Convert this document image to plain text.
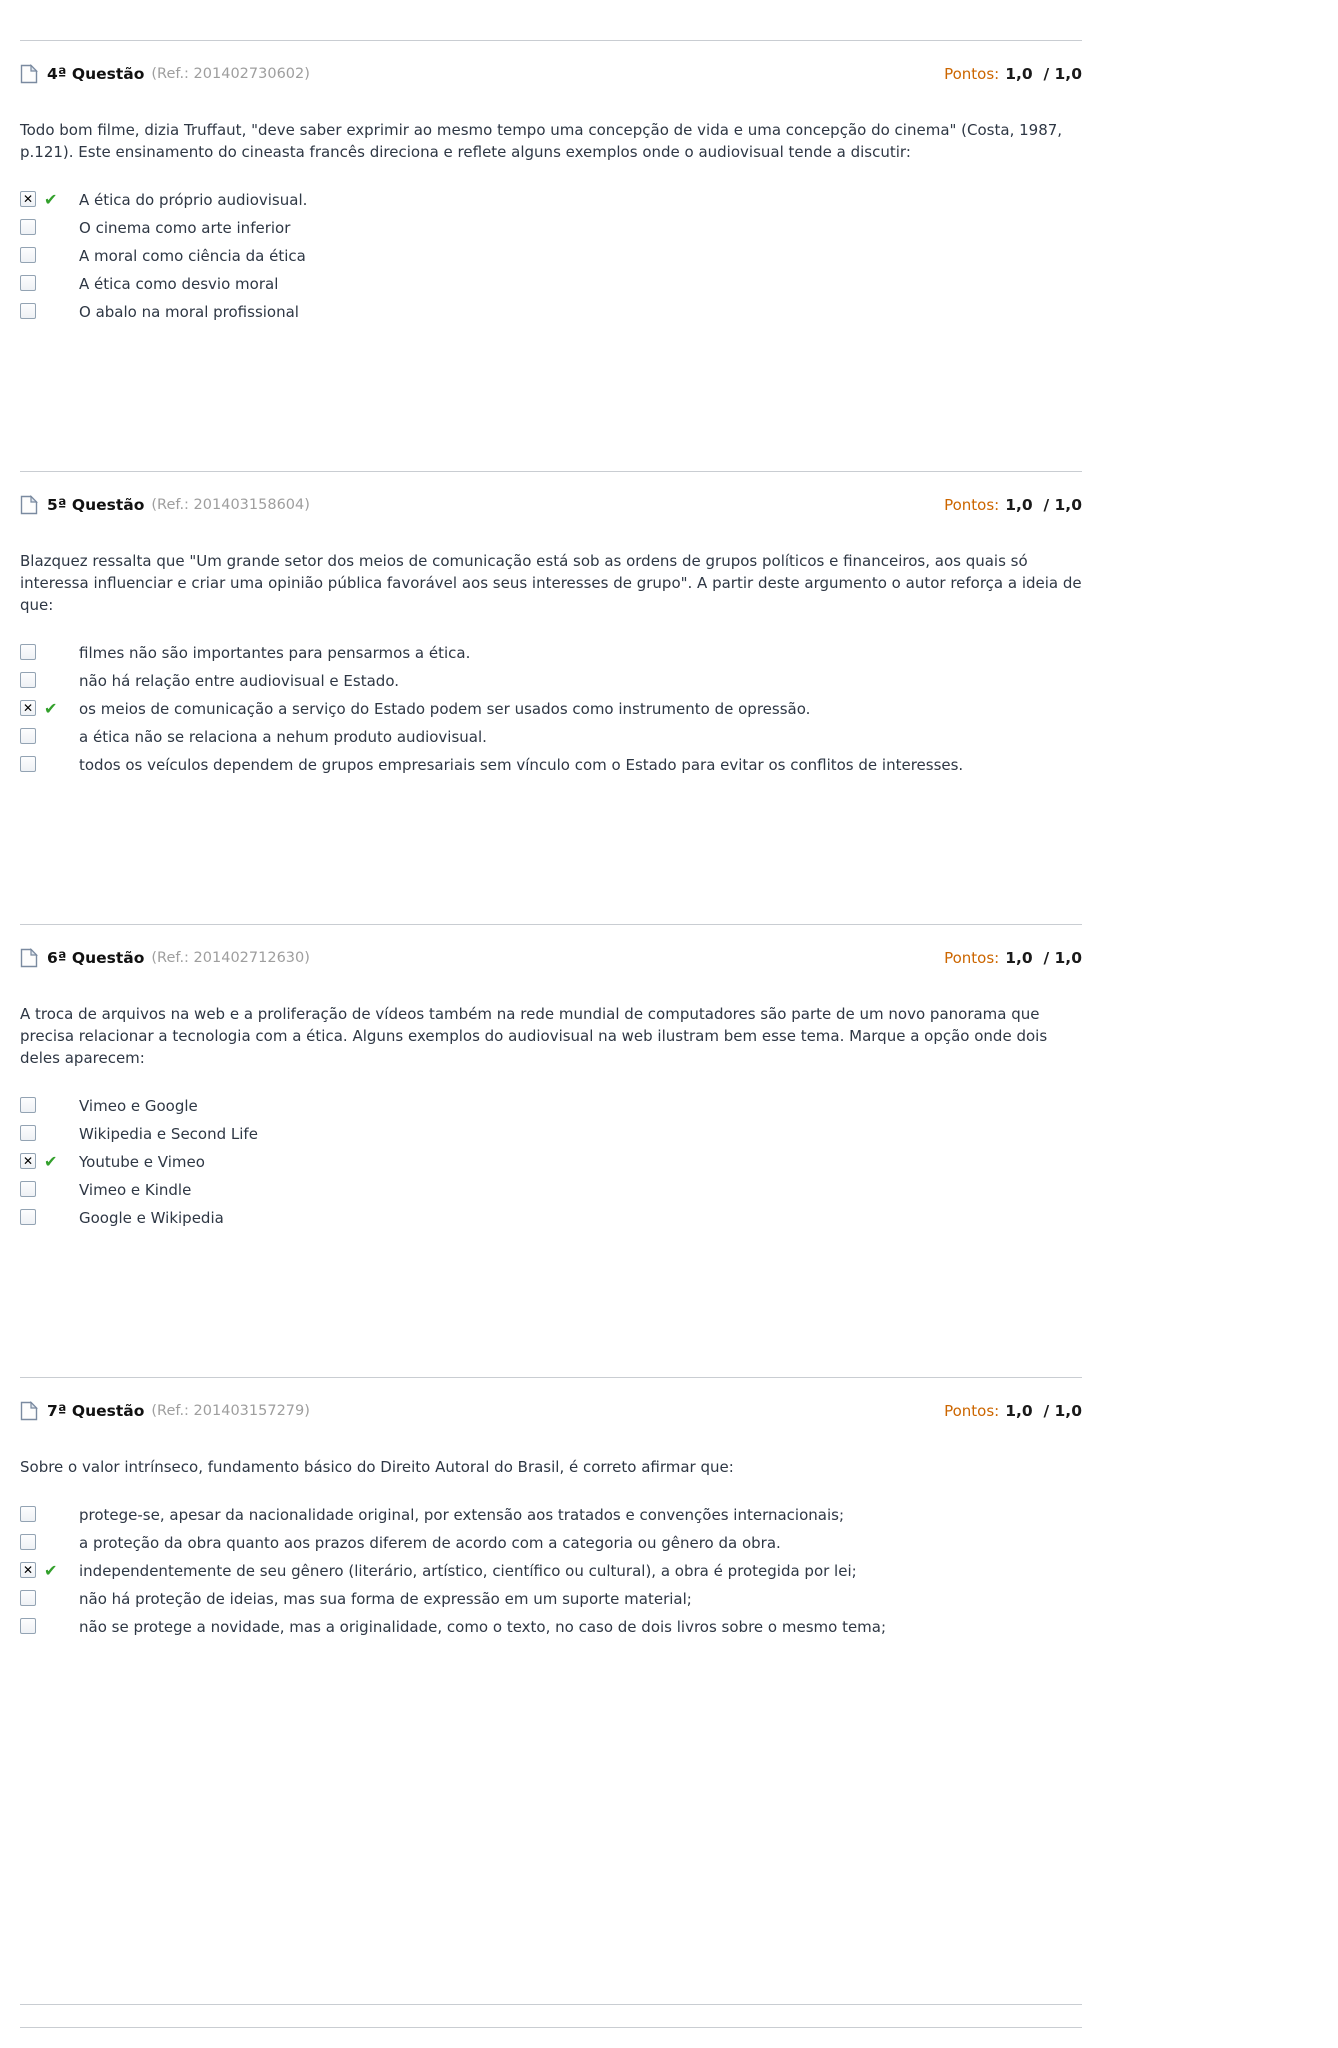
4ª Questão (Ref.: 201402730602)	Pontos: 1,0  / 1,0

Todo bom filme, dizia Truffaut, "deve saber exprimir ao mesmo tempo uma concepção de vida e uma concepção do cinema" (Costa, 1987, p.121). Este ensinamento do cineasta francês direciona e reflete alguns exemplos onde o audiovisual tende a discutir:

✕ ✔	A ética do próprio audiovisual.
O cinema como arte inferior
A moral como ciência da ética
A ética como desvio moral
O abalo na moral profissional
5ª Questão (Ref.: 201403158604)	Pontos: 1,0  / 1,0

Blazquez ressalta que "Um grande setor dos meios de comunicação está sob as ordens de grupos políticos e financeiros, aos quais só interessa influenciar e criar uma opinião pública favorável aos seus interesses de grupo". A partir deste argumento o autor reforça a ideia de que:

filmes não são importantes para pensarmos a ética.
não há relação entre audiovisual e Estado.
✕ ✔	os meios de comunicação a serviço do Estado podem ser usados como instrumento de opressão.
a ética não se relaciona a nehum produto audiovisual.
todos os veículos dependem de grupos empresariais sem vínculo com o Estado para evitar os conflitos de interesses.
6ª Questão (Ref.: 201402712630)	Pontos: 1,0  / 1,0

A troca de arquivos na web e a proliferação de vídeos também na rede mundial de computadores são parte de um novo panorama que precisa relacionar a tecnologia com a ética. Alguns exemplos do audiovisual na web ilustram bem esse tema. Marque a opção onde dois deles aparecem:

Vimeo e Google
Wikipedia e Second Life
✕ ✔	Youtube e Vimeo
Vimeo e Kindle
Google e Wikipedia
7ª Questão (Ref.: 201403157279)	Pontos: 1,0  / 1,0

Sobre o valor intrínseco, fundamento básico do Direito Autoral do Brasil, é correto afirmar que:

protege-se, apesar da nacionalidade original, por extensão aos tratados e convenções internacionais;
a proteção da obra quanto aos prazos diferem de acordo com a categoria ou gênero da obra.
✕ ✔	independentemente de seu gênero (literário, artístico, científico ou cultural), a obra é protegida por lei;
não há proteção de ideias, mas sua forma de expressão em um suporte material;
não se protege a novidade, mas a originalidade, como o texto, no caso de dois livros sobre o mesmo tema;
